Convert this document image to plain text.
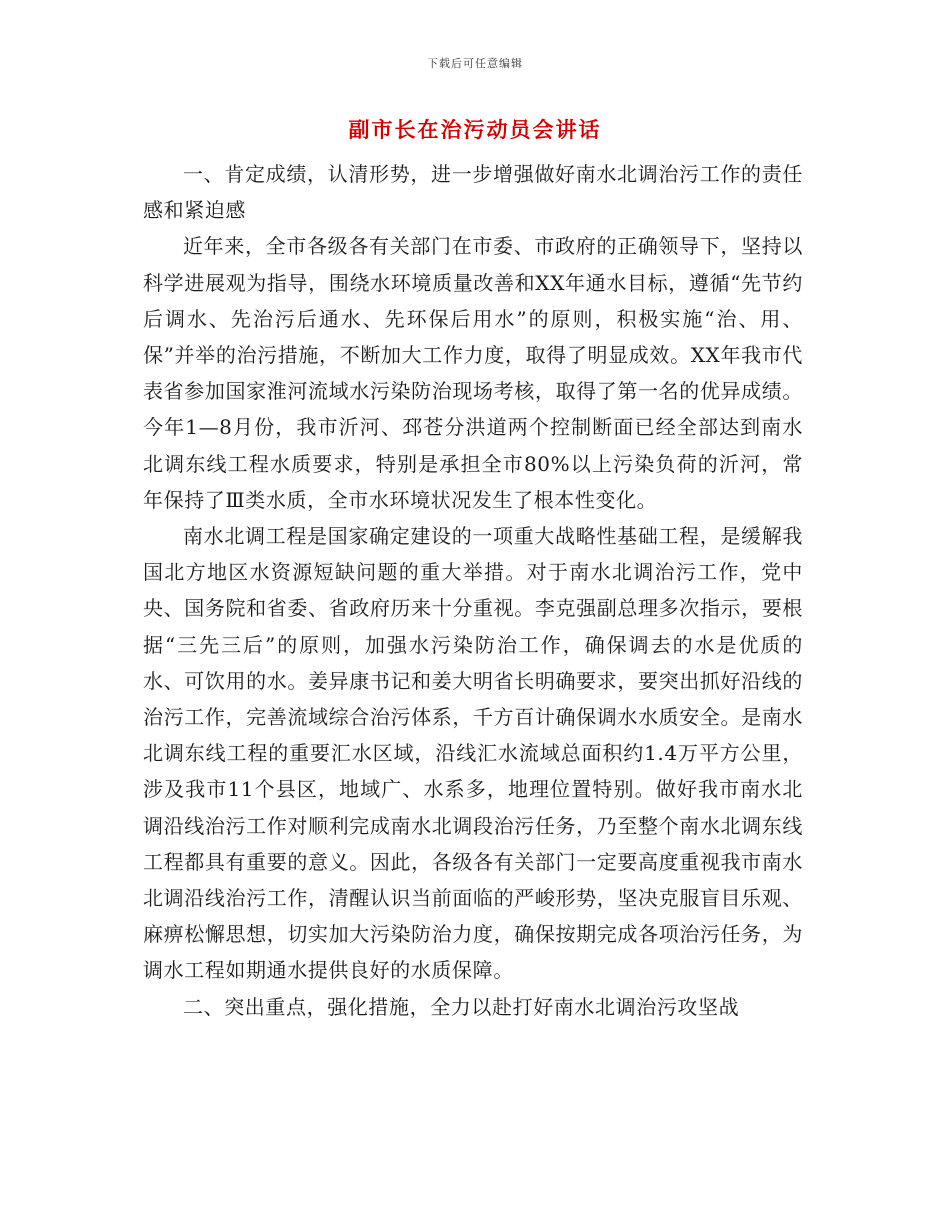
下载后可任意编辑
副市长在治污动员会讲话

一、肯定成绩，认清形势，进一步增强做好南水北调治污工作的责任感和紧迫感

近年来，全市各级各有关部门在市委、市政府的正确领导下，坚持以科学进展观为指导，围绕水环境质量改善和XX年通水目标，遵循“先节约后调水、先治污后通水、先环保后用水”的原则，积极实施“治、用、保”并举的治污措施，不断加大工作力度，取得了明显成效。XX年我市代表省参加国家淮河流域水污染防治现场考核，取得了第一名的优异成绩。今年1—8月份，我市沂河、邳苍分洪道两个控制断面已经全部达到南水北调东线工程水质要求，特别是承担全市80%以上污染负荷的沂河，常年保持了Ⅲ类水质，全市水环境状况发生了根本性变化。

南水北调工程是国家确定建设的一项重大战略性基础工程，是缓解我国北方地区水资源短缺问题的重大举措。对于南水北调治污工作，党中央、国务院和省委、省政府历来十分重视。李克强副总理多次指示，要根据“三先三后”的原则，加强水污染防治工作，确保调去的水是优质的水、可饮用的水。姜异康书记和姜大明省长明确要求，要突出抓好沿线的治污工作，完善流域综合治污体系，千方百计确保调水水质安全。是南水北调东线工程的重要汇水区域，沿线汇水流域总面积约1.4万平方公里，涉及我市11个县区，地域广、水系多，地理位置特别。做好我市南水北调沿线治污工作对顺利完成南水北调段治污任务，乃至整个南水北调东线工程都具有重要的意义。因此，各级各有关部门一定要高度重视我市南水北调沿线治污工作，清醒认识当前面临的严峻形势，坚决克服盲目乐观、麻痹松懈思想，切实加大污染防治力度，确保按期完成各项治污任务，为调水工程如期通水提供良好的水质保障。

二、突出重点，强化措施，全力以赴打好南水北调治污攻坚战
